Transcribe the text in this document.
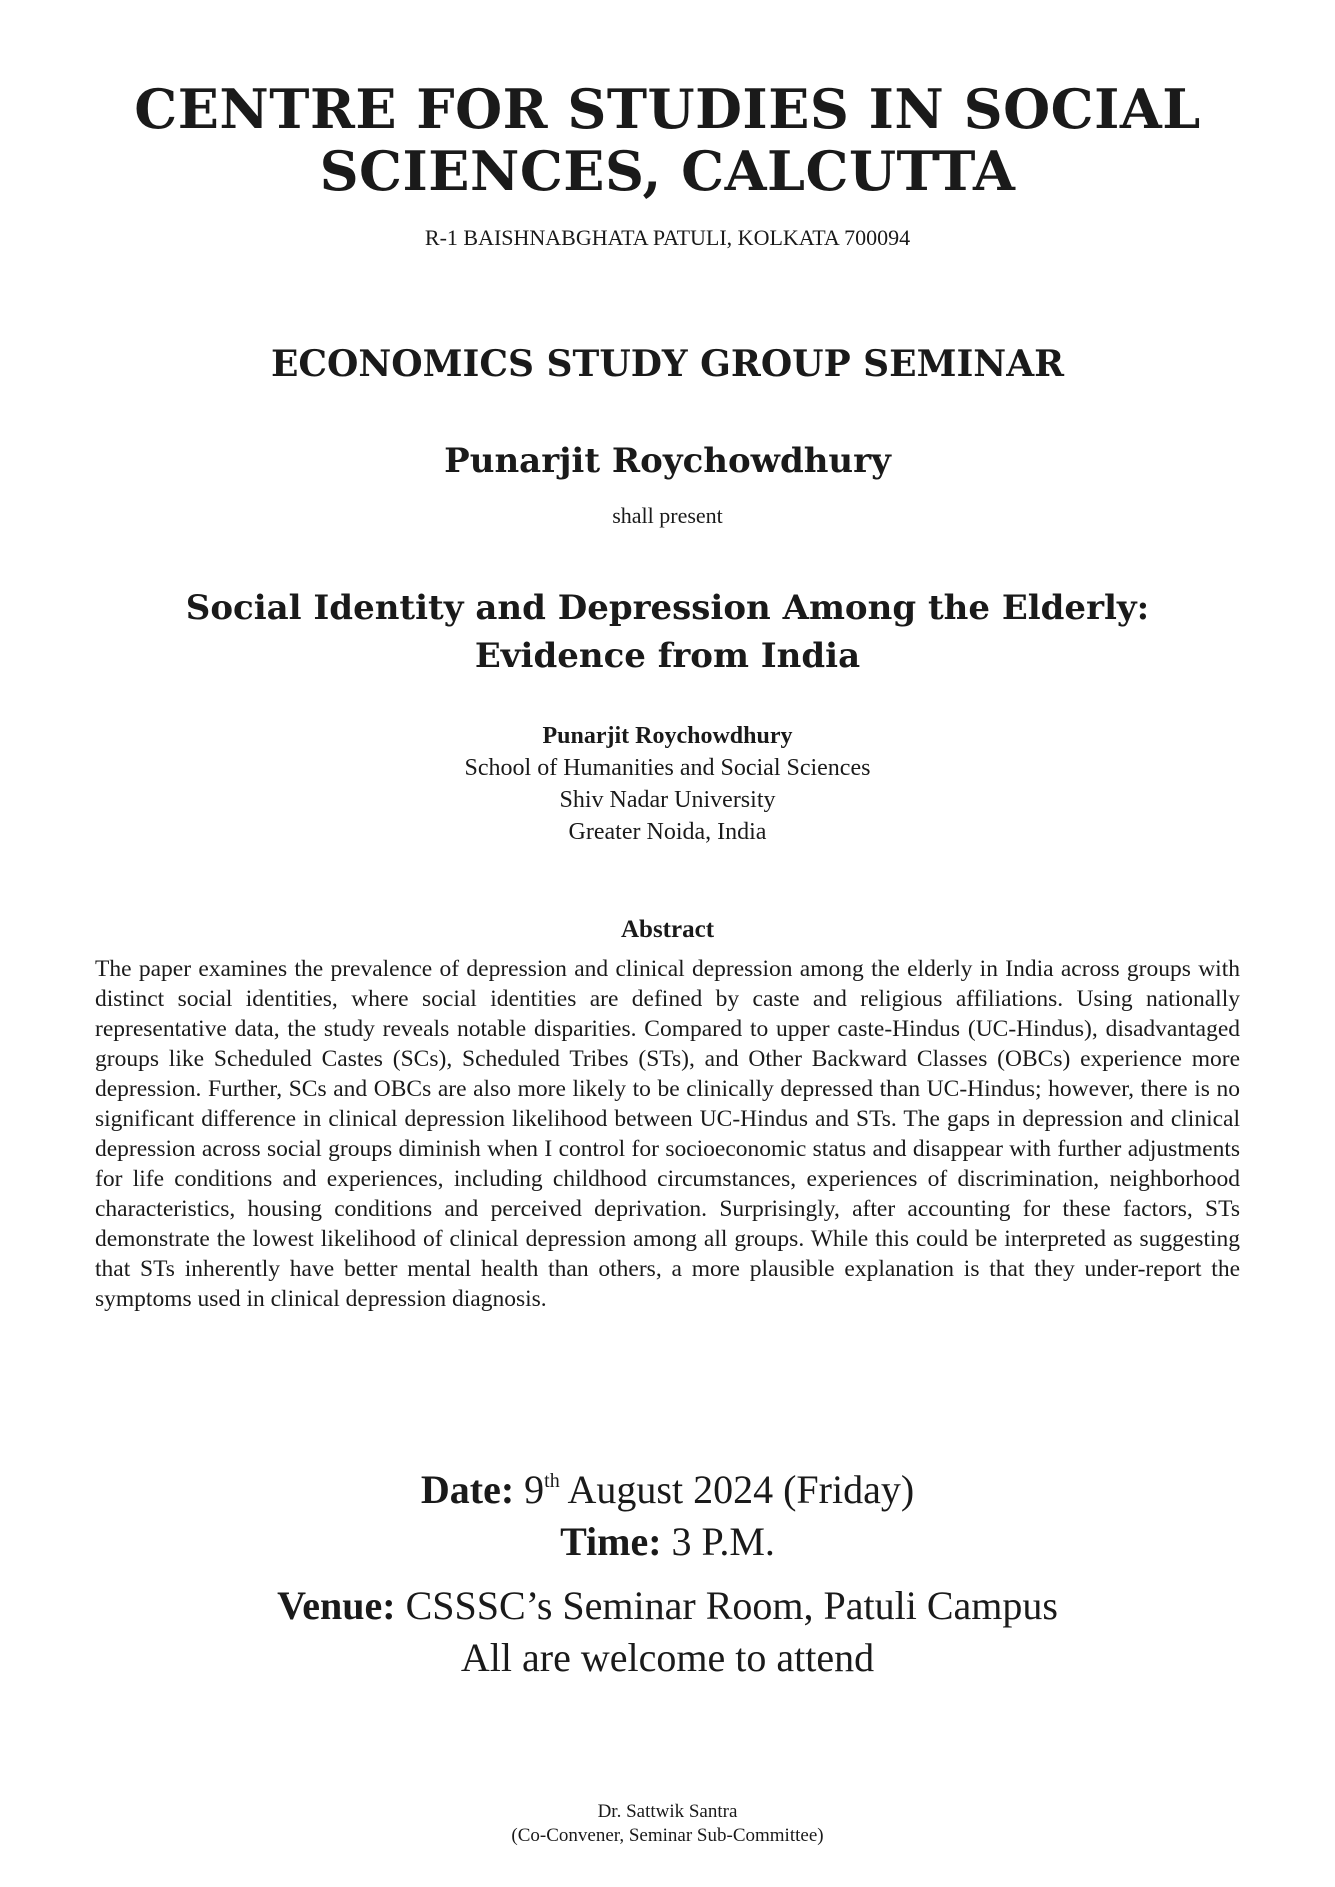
CENTRE FOR STUDIES IN SOCIAL
SCIENCES, CALCUTTA
R-1 BAISHNABGHATA PATULI, KOLKATA 700094
ECONOMICS STUDY GROUP SEMINAR
Punarjit Roychowdhury
shall present
Social Identity and Depression Among the Elderly:
Evidence from India
Punarjit Roychowdhury
School of Humanities and Social Sciences
Shiv Nadar University
Greater Noida, India
Abstract

The paper examines the prevalence of depression and clinical depression among the elderly in India across groups with distinct social identities, where social identities are defined by caste and religious affiliations. Using nationally representative data, the study reveals notable disparities. Compared to upper caste-Hindus (UC-Hindus), disadvantaged groups like Scheduled Castes (SCs), Scheduled Tribes (STs), and Other Backward Classes (OBCs) experience more depression. Further, SCs and OBCs are also more likely to be clinically depressed than UC-Hindus; however, there is no significant difference in clinical depression likelihood between UC-Hindus and STs. The gaps in depression and clinical depression across social groups diminish when I control for socioeconomic status and disappear with further adjustments for life conditions and experiences, including childhood circumstances, experiences of discrimination, neighborhood characteristics, housing conditions and perceived deprivation. Surprisingly, after accounting for these factors, STs demonstrate the lowest likelihood of clinical depression among all groups. While this could be interpreted as suggesting that STs inherently have better mental health than others, a more plausible explanation is that they under-report the symptoms used in clinical depression diagnosis.

Date: 9th August 2024 (Friday)
Time: 3 P.M.
Venue: CSSSC’s Seminar Room, Patuli Campus
All are welcome to attend
Dr. Sattwik Santra
(Co-Convener, Seminar Sub-Committee)
